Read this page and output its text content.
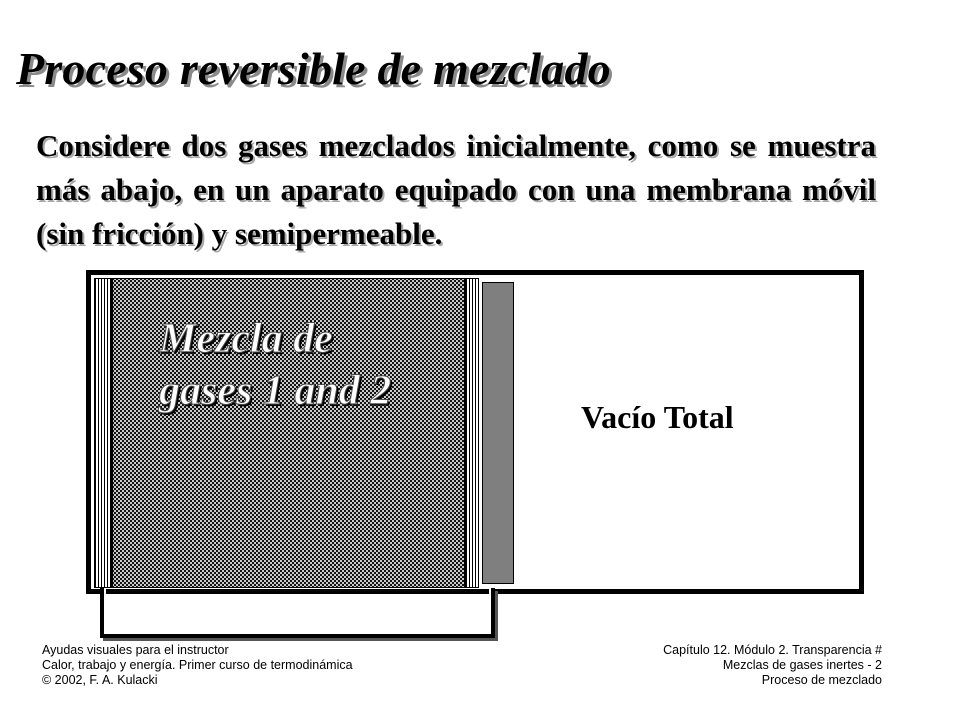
Proceso reversible de mezclado
Considere dos gases mezclados inicialmente, como se muestra más abajo, en un aparato equipado con una membrana móvil (sin fricción) y semipermeable.
Mezcla de
gases 1 and 2
Vacío Total
Ayudas visuales para el instructor
Calor, trabajo y energía. Primer curso de termodinámica
© 2002, F. A. Kulacki
Capítulo 12. Módulo 2. Transparencia #
Mezclas de gases inertes - 2
Proceso de mezclado
